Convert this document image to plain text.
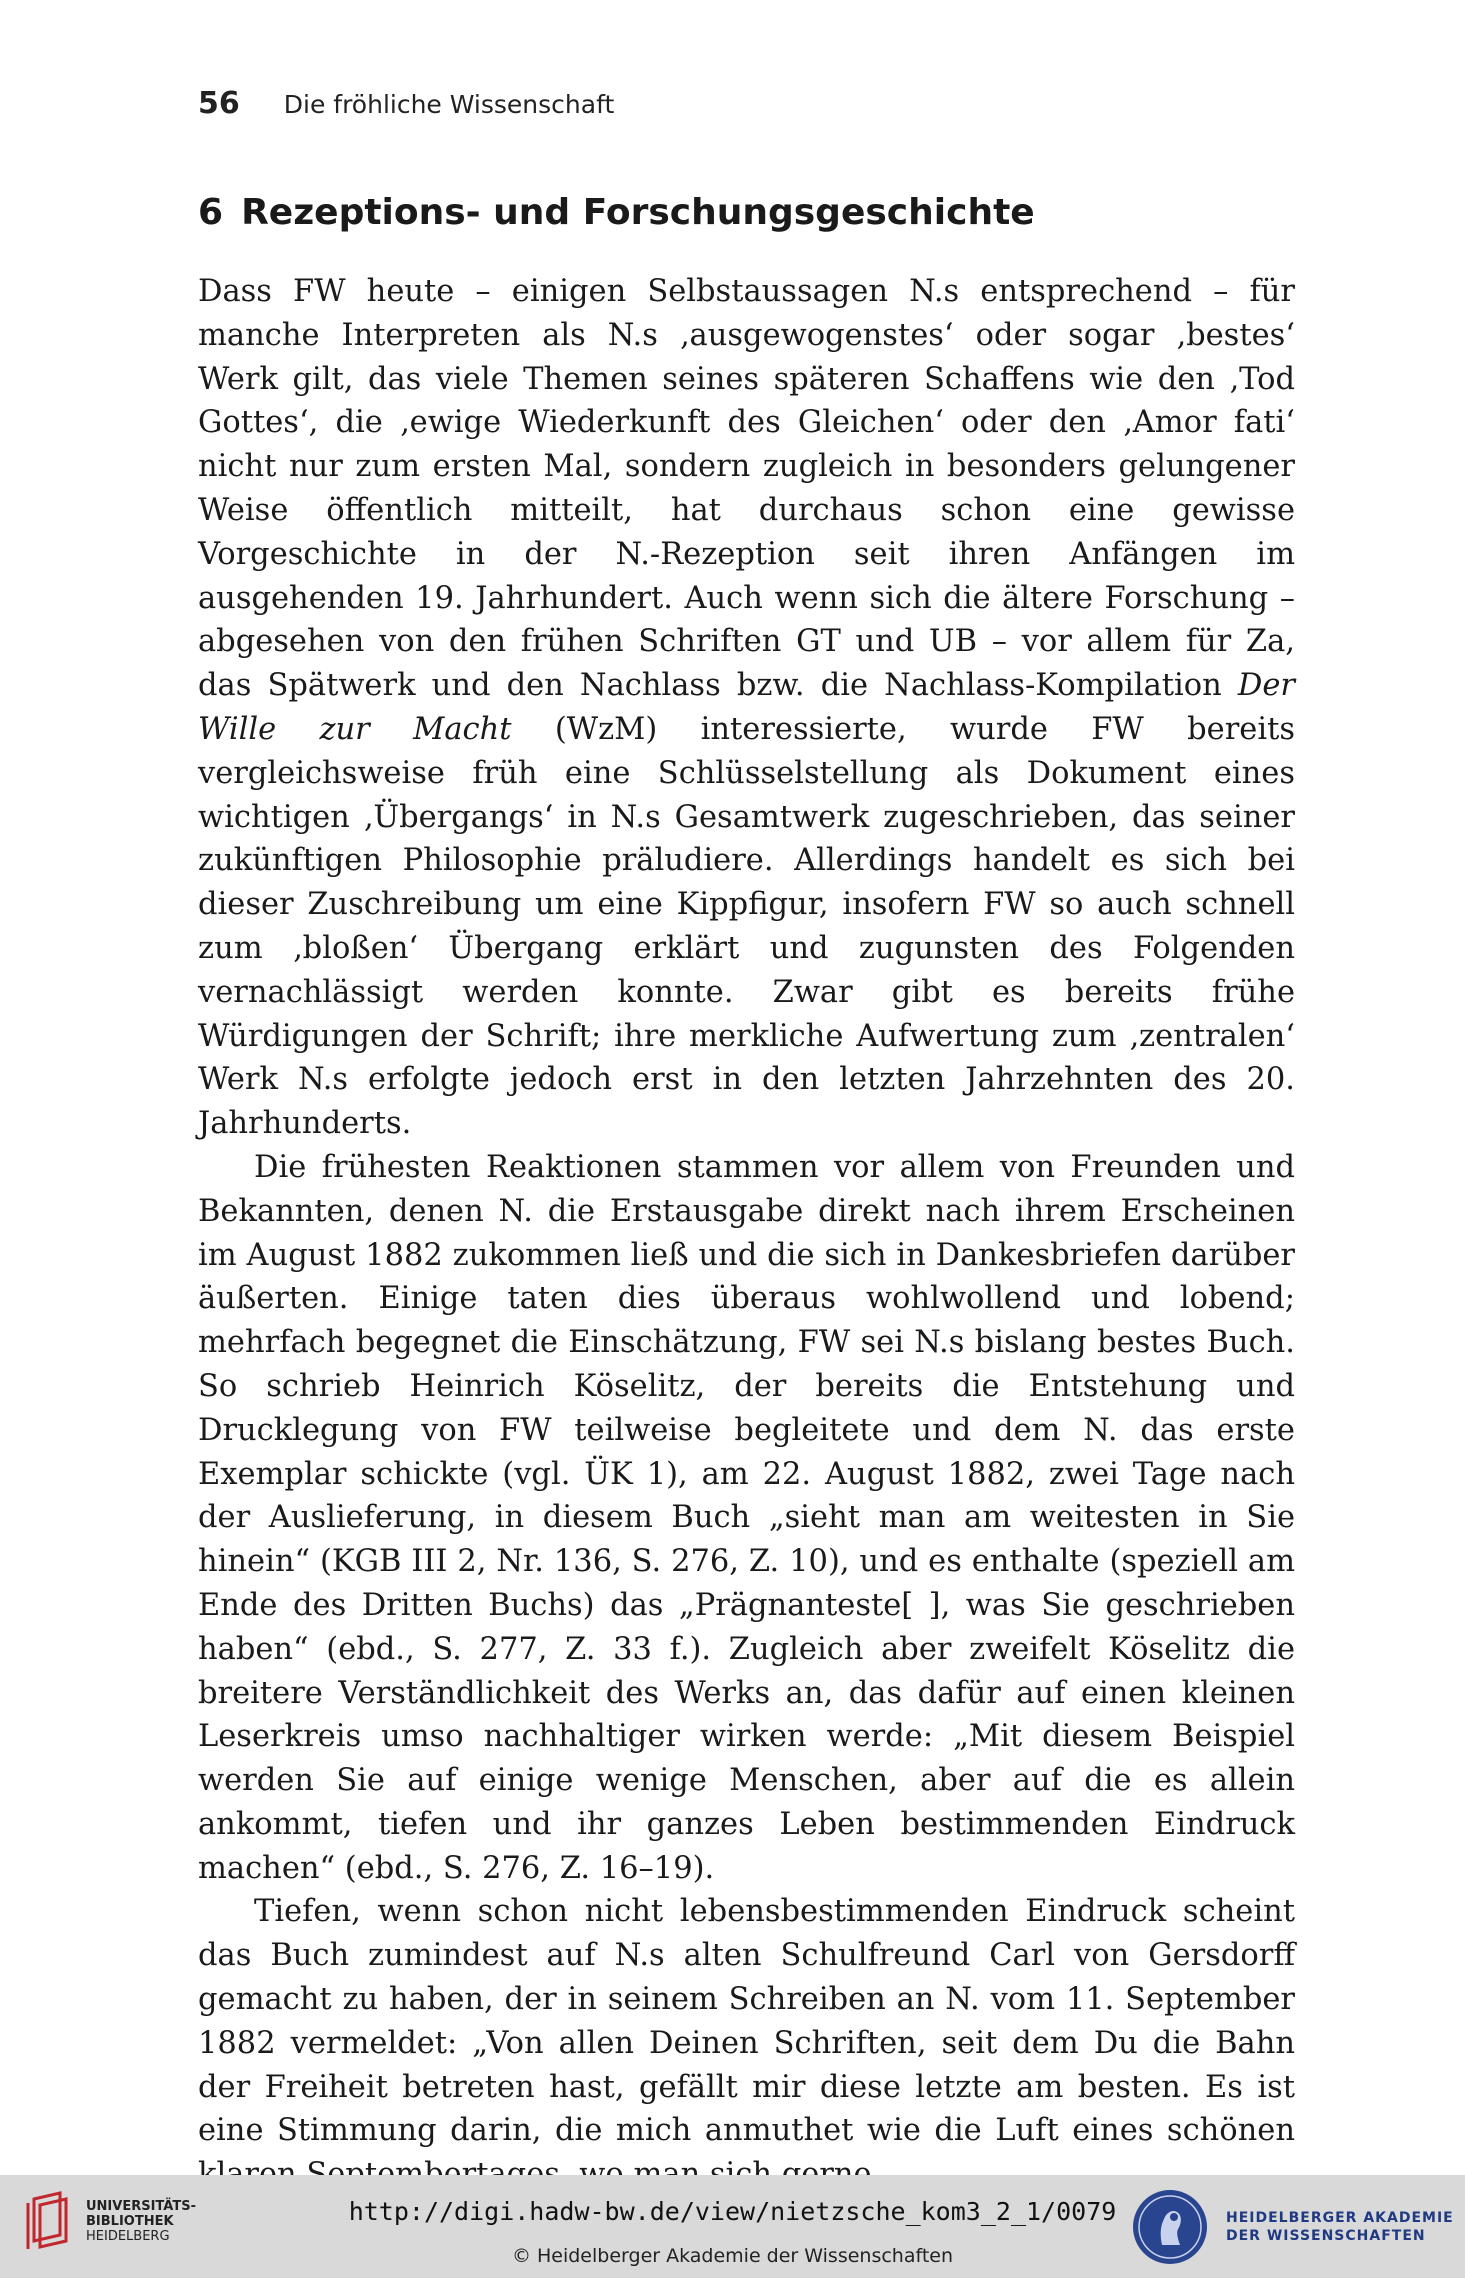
56 Die fröhliche Wissenschaft
6 Rezeptions- und Forschungsgeschichte

Dass FW heute – einigen Selbstaussagen N.s entsprechend – für manche Interpreten als N.s ‚ausgewogenstes‘ oder sogar ‚bestes‘ Werk gilt, das viele Themen seines späteren Schaffens wie den ‚Tod Gottes‘, die ‚ewige Wiederkunft des Gleichen‘ oder den ‚Amor fati‘ nicht nur zum ersten Mal, sondern zugleich in besonders gelungener Weise öffentlich mitteilt, hat durchaus schon eine gewisse Vorgeschichte in der N.-Rezeption seit ihren Anfängen im ausgehenden 19. Jahrhundert. Auch wenn sich die ältere Forschung – abgesehen von den frühen Schriften GT und UB – vor allem für Za, das Spätwerk und den Nachlass bzw. die Nachlass-Kompilation Der Wille zur Macht (WzM) interessierte, wurde FW bereits vergleichsweise früh eine Schlüsselstellung als Dokument eines wichtigen ‚Übergangs‘ in N.s Gesamtwerk zugeschrieben, das seiner zukünftigen Philosophie präludiere. Allerdings handelt es sich bei dieser Zuschreibung um eine Kippfigur, insofern FW so auch schnell zum ‚bloßen‘ Übergang erklärt und zugunsten des Folgenden vernachlässigt werden konnte. Zwar gibt es bereits frühe Würdigungen der Schrift; ihre merkliche Aufwertung zum ‚zentralen‘ Werk N.s erfolgte jedoch erst in den letzten Jahrzehnten des 20. Jahrhunderts.

Die frühesten Reaktionen stammen vor allem von Freunden und Bekannten, denen N. die Erstausgabe direkt nach ihrem Erscheinen im August 1882 zukommen ließ und die sich in Dankesbriefen darüber äußerten. Einige taten dies überaus wohlwollend und lobend; mehrfach begegnet die Einschätzung, FW sei N.s bislang bestes Buch. So schrieb Heinrich Köselitz, der bereits die Entstehung und Drucklegung von FW teilweise begleitete und dem N. das erste Exemplar schickte (vgl. ÜK 1), am 22. August 1882, zwei Tage nach der Auslieferung, in diesem Buch „sieht man am weitesten in Sie hinein“ (KGB III 2, Nr. 136, S. 276, Z. 10), und es enthalte (speziell am Ende des Dritten Buchs) das „Prägnanteste[ ], was Sie geschrieben haben“ (ebd., S. 277, Z. 33 f.). Zugleich aber zweifelt Köselitz die breitere Verständlichkeit des Werks an, das dafür auf einen kleinen Leserkreis umso nachhaltiger wirken werde: „Mit diesem Beispiel werden Sie auf einige wenige Menschen, aber auf die es allein ankommt, tiefen und ihr ganzes Leben bestimmenden Eindruck machen“ (ebd., S. 276, Z. 16–19).

Tiefen, wenn schon nicht lebensbestimmenden Eindruck scheint das Buch zumindest auf N.s alten Schulfreund Carl von Gersdorff gemacht zu haben, der in seinem Schreiben an N. vom 11. September 1882 vermeldet: „Von allen Deinen Schriften, seit dem Du die Bahn der Freiheit betreten hast, gefällt mir diese letzte am besten. Es ist eine Stimmung darin, die mich anmuthet wie die Luft eines schönen

UNIVERSITÄTS-
BIBLIOTHEK
HEIDELBERG
http://digi.hadw-bw.de/view/nietzsche_kom3_2_1/0079
© Heidelberger Akademie der Wissenschaften
HEIDELBERGER AKADEMIE
DER WISSENSCHAFTEN
